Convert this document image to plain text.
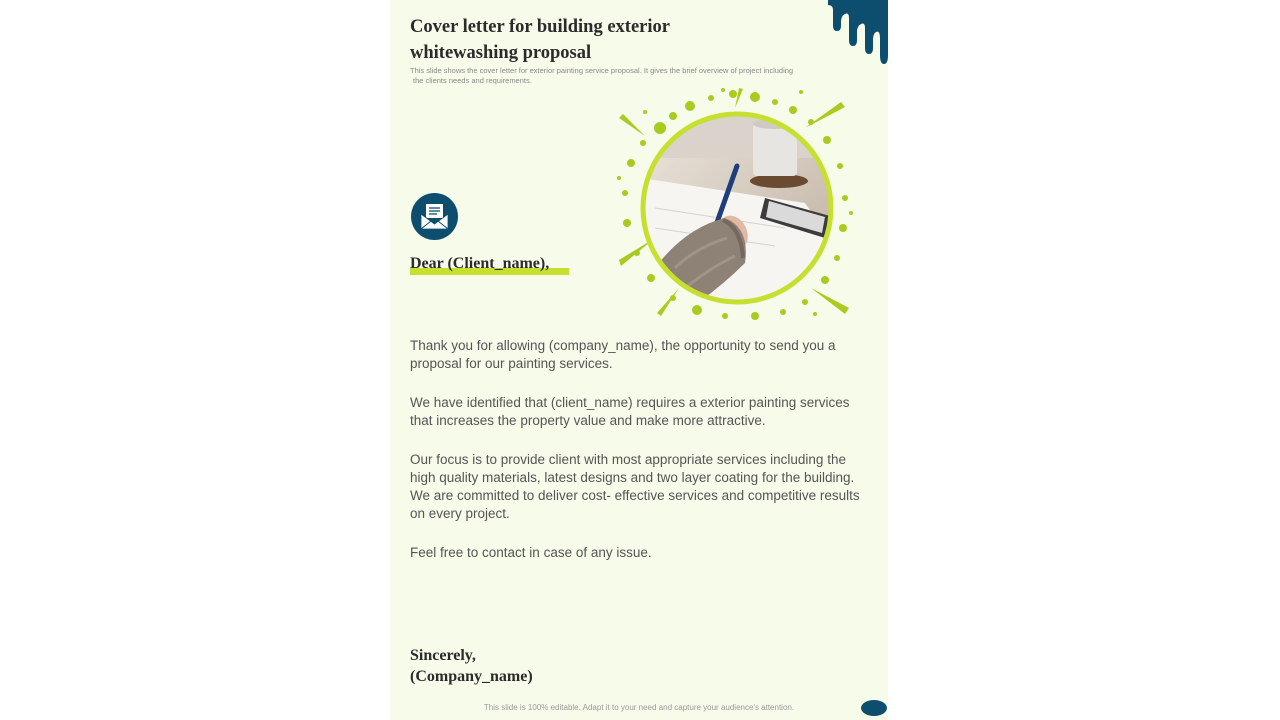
Cover letter for building exterior
whitewashing proposal

This slide shows the cover letter for exterior painting service proposal. It gives the brief overview of project including
the clients needs and requirements.

Dear (Client_name),

Thank you for allowing (company_name), the opportunity to send you a proposal for our painting services.

We have identified that (client_name) requires a exterior painting services that increases the property value and make more attractive.

Our focus is to provide client with most appropriate services including the high quality materials, latest designs and two layer coating for the building.

We are committed to deliver cost- effective services and competitive results on every project.

Feel free to contact in case of any issue.

Sincerely,
(Company_name)
This slide is 100% editable. Adapt it to your need and capture your audience's attention.
